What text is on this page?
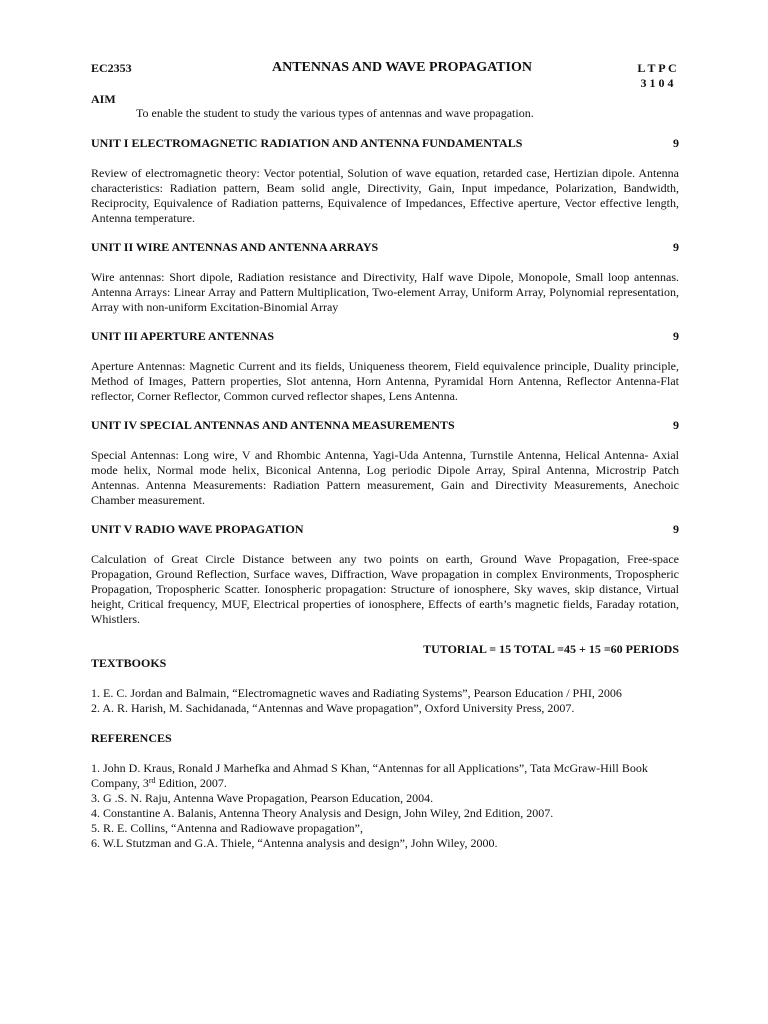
EC2353	ANTENNAS AND WAVE PROPAGATION	L T P C
3 1 0 4
AIM
To enable the student to study the various types of antennas and wave propagation.
UNIT I ELECTROMAGNETIC RADIATION AND ANTENNA FUNDAMENTALS	9
Review of electromagnetic theory: Vector potential, Solution of wave equation, retarded case, Hertizian dipole. Antenna characteristics: Radiation pattern, Beam solid angle, Directivity, Gain, Input impedance, Polarization, Bandwidth, Reciprocity, Equivalence of Radiation patterns, Equivalence of Impedances, Effective aperture, Vector effective length, Antenna temperature.
UNIT II WIRE ANTENNAS AND ANTENNA ARRAYS	9
Wire antennas: Short dipole, Radiation resistance and Directivity, Half wave Dipole, Monopole, Small loop antennas. Antenna Arrays: Linear Array and Pattern Multiplication, Two-element Array, Uniform Array, Polynomial representation, Array with non-uniform Excitation-Binomial Array
UNIT III APERTURE ANTENNAS	9
Aperture Antennas: Magnetic Current and its fields, Uniqueness theorem, Field equivalence principle, Duality principle, Method of Images, Pattern properties, Slot antenna, Horn Antenna, Pyramidal Horn Antenna, Reflector Antenna-Flat reflector, Corner Reflector, Common curved reflector shapes, Lens Antenna.
UNIT IV SPECIAL ANTENNAS AND ANTENNA MEASUREMENTS	9
Special Antennas: Long wire, V and Rhombic Antenna, Yagi-Uda Antenna, Turnstile Antenna, Helical Antenna- Axial mode helix, Normal mode helix, Biconical Antenna, Log periodic Dipole Array, Spiral Antenna, Microstrip Patch Antennas. Antenna Measurements: Radiation Pattern measurement, Gain and Directivity Measurements, Anechoic Chamber measurement.
UNIT V RADIO WAVE PROPAGATION	9
Calculation of Great Circle Distance between any two points on earth, Ground Wave Propagation, Free-space Propagation, Ground Reflection, Surface waves, Diffraction, Wave propagation in complex Environments, Tropospheric Propagation, Tropospheric Scatter. Ionospheric propagation: Structure of ionosphere, Sky waves, skip distance, Virtual height, Critical frequency, MUF, Electrical properties of ionosphere, Effects of earth’s magnetic fields, Faraday rotation, Whistlers.
TUTORIAL = 15 TOTAL =45 + 15 =60 PERIODS
TEXTBOOKS
1. E. C. Jordan and Balmain, “Electromagnetic waves and Radiating Systems”, Pearson Education / PHI, 2006
2. A. R. Harish, M. Sachidanada, “Antennas and Wave propagation”, Oxford University Press, 2007.
REFERENCES
1. John D. Kraus, Ronald J Marhefka and Ahmad S Khan, “Antennas for all Applications”, Tata McGraw-Hill Book
Company, 3rd Edition, 2007.
3. G .S. N. Raju, Antenna Wave Propagation, Pearson Education, 2004.
4. Constantine A. Balanis, Antenna Theory Analysis and Design, John Wiley, 2nd Edition, 2007.
5. R. E. Collins, “Antenna and Radiowave propagation”,
6. W.L Stutzman and G.A. Thiele, “Antenna analysis and design”, John Wiley, 2000.
